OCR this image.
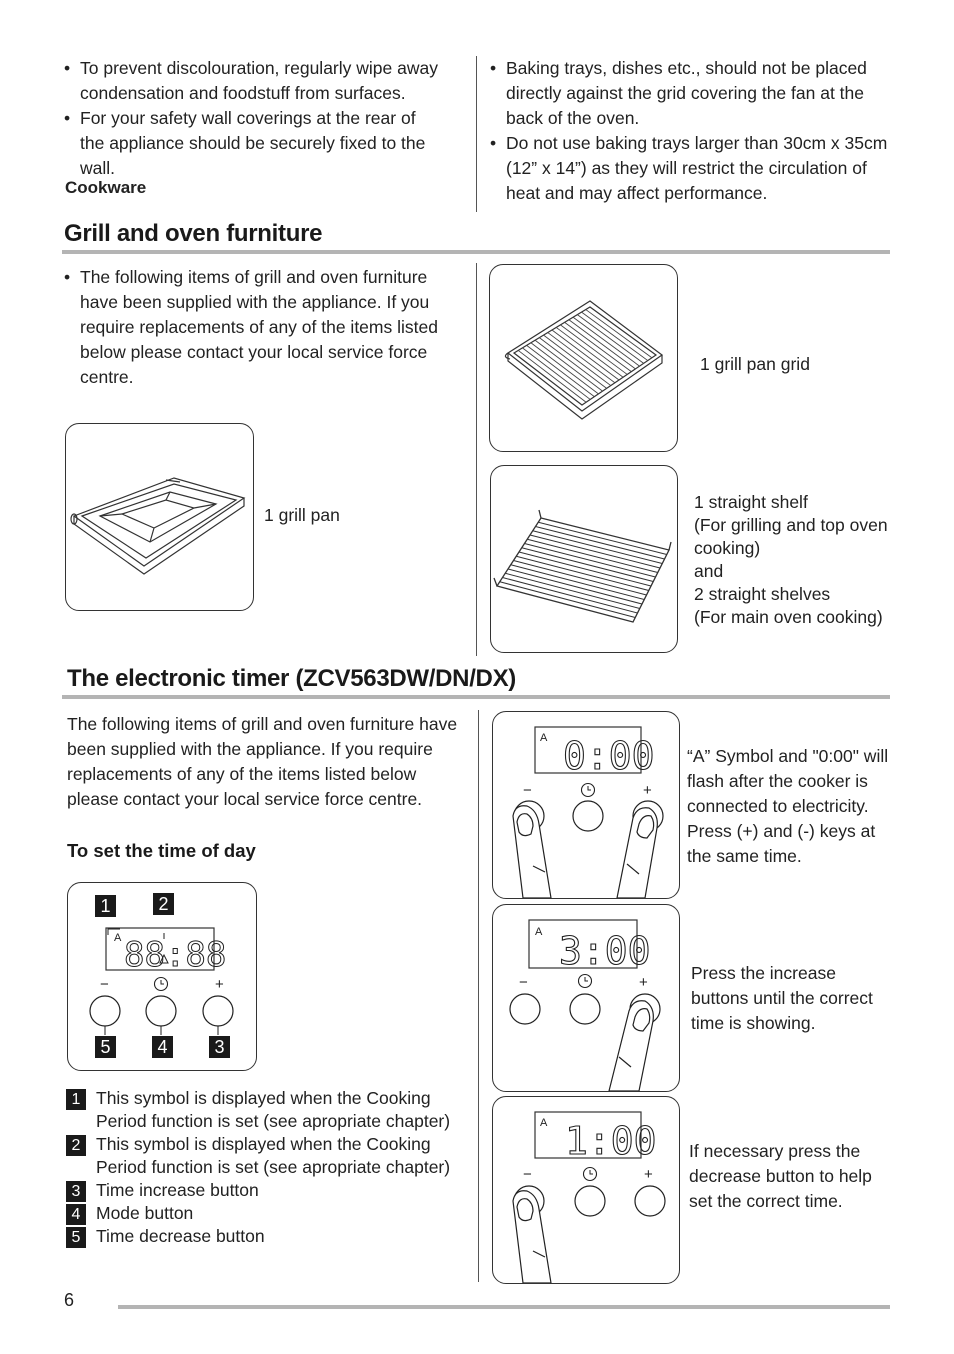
• To prevent discolouration, regularly wipe away condensation and foodstuff from surfaces.
• For your safety wall coverings at the rear of the appliance should be securely fixed to the wall.
Cookware
• Baking trays, dishes etc., should not be placed directly against the grid covering the fan at the back of the oven.
• Do not use baking trays larger than 30cm x 35cm (12” x 14”) as they will restrict the circulation of heat and may affect performance.
Grill and oven furniture
• The following items of grill and oven furniture have been supplied with the appliance. If you require replacements of any of the items listed below please contact your local service force centre.
1 grill pan
1 grill pan grid
1 straight shelf
(For grilling and top oven
cooking)
and
2 straight shelves
(For main oven cooking)
The electronic timer (ZCV563DW/DN/DX)
The following items of grill and oven furniture have been supplied with the appliance. If you require replacements of any of the items listed below please contact your local service force centre.
To set the time of day
A 88:88
−	+
1	2
5	4	3
1 This symbol is displayed when the Cooking Period function is set (see apropriate chapter)
2 This symbol is displayed when the Cooking Period function is set (see apropriate chapter)
3 Time increase button
4 Mode button
5 Time decrease button
A 0:00
−	+
“A” Symbol and "0:00" will flash after the cooker is connected to electricity. Press (+) and (-) keys at the same time.
A 3:00
−	+ Press the increase buttons until the correct time is showing.
A 1:00
−	+
If necessary press the decrease button to help set the correct time.
6
